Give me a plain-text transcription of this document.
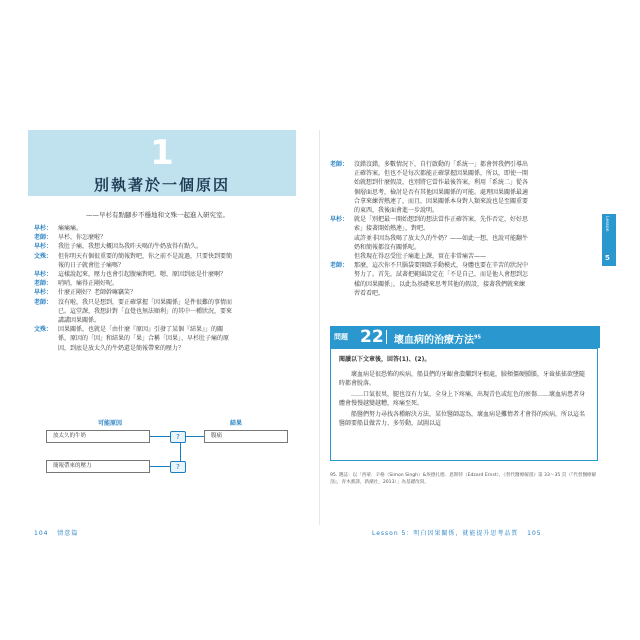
1
別執著於一個原因
——早杉有點腳步不穩地和文殊一起進入研究室。
早杉： 痛痛痛。
老師： 早杉，你怎麼啦？
早杉： 我肚子痛，我想大概因為我昨天喝的牛奶放得有點久。
文殊： 但你明天有個很重要的簡報對吧，你之前不是說過，只要快到要簡
報的日子就會肚子痛嗎？
早杉： 這樣說起來，壓力也會引起腹痛對吧。嗯，原因到底是什麼啊？
老師： 哨哨，痛得正剛好呢。
早杉： 什麼正剛好？老師幹嘛竊笑？
老師： 沒有啦，我只是想到，要正確掌握「因果關係」是件很難的事情而
已。這堂課，我想針對「直覺也無法順利」的其中一種狀況，要來
講講因果關係。
文殊： 因果關係，也就是「由什麼『原因』引發了某個『結果』」的關
係，原因的「因」和結果的「果」合稱「因果」、早杉肚子痛的原
因，到底是放太久的牛奶還是簡報帶來的壓力？
可能原因	結果
放太久的牛奶
簡報帶來的壓力
腹痛
?
?
老師： 沒錯沒錯，多數情況下，自行啟動的「系統一」都會替我們引導出
正確答案。但也不是每次都能正確掌握因果關係，所以，即使一開
始就想到什麼假設，也別將它當作最後答案，利用「系統二」從各
個層面思考，檢討是否有其他因果關係的可能。處理因果關係最適
合拿來練習熱連了，而且，因果關係本身對人類來說也是至關重要
的東西，我後面會進一步說明。
早杉： 就是「別把最一開始想到的想法當作正確答案，先作否定，好好思
索」接著開始熱連」，對吧。
或許並非因為我喝了放太久的牛奶？——如此一想，也說可能翻牛
奶和簡報都沒有關係呢。
但我現在得忍受肚子痛進上課，實在非常痛苦——
老師： 那麼，這次你不只腦袋要開啟手動模式，身體也要在辛苦的狀況中
努力了。首先，試著把範圍設定在「不是自己，而是他人會想到怎
樣的因果關係」，以此為基礎來思考其他的假設，接著我們就來練
習看看吧。
問題 22 壞血病的治療方法$^{95}$
閱讀以下文章後，回答(1)、(2)。

壞血病是很恐怖的疾病，船員們的牙齦會潰爛到牙根處，臉頰僵硬腫脹，牙齒搖搖欲墜隨時都會脫落。

……口氣很臭，腿也沒有力氣，全身上下疼痛，出現青色或紅色的瘀傷……壞血病患者身體會慢慢越變越糟，疼痛至死。

船醫們努力尋找各種解決方法，某位醫師認為，壞血病是攤惰者才會得的疾病，所以這名醫師要船員做苦力、多勞動，試圖以這

95. 選誌：以「西蒙．辛格（Simon Singh）&埃德扎德．恩斯特（Edzard Ernst），《替代醫療解剖》第 33～35 頁（『代替醫療解剖』，青木薰譯，新潮社，2013）」為基礎改寫。
Lesson
5
104 情意篇	Lesson 5：明白因果關係，就能提升思考品質 105
